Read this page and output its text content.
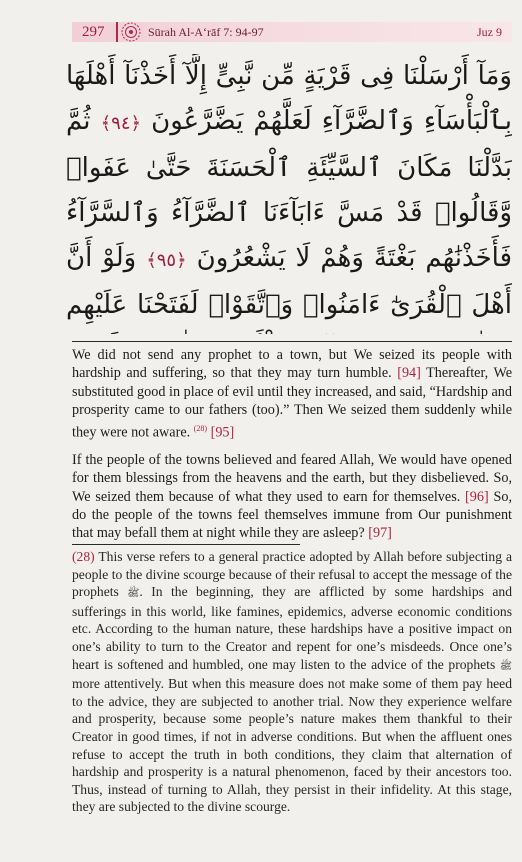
297	Sūrah Al-A‘rāf 7: 94-97	Juz 9
وَمَآ أَرْسَلْنَا فِى قَرْيَةٍ مِّن نَّبِىٍّ إِلَّآ أَخَذْنَآ أَهْلَهَا بِٱلْبَأْسَآءِ وَٱلضَّرَّآءِ لَعَلَّهُمْ يَضَّرَّعُونَ ﴿٩٤﴾ ثُمَّ بَدَّلْنَا مَكَانَ ٱلسَّيِّئَةِ ٱلْحَسَنَةَ حَتَّىٰ عَفَوا۟ وَّقَالُوا۟ قَدْ مَسَّ ءَابَآءَنَا ٱلضَّرَّآءُ وَٱلسَّرَّآءُ فَأَخَذْنَٰهُم بَغْتَةً وَهُمْ لَا يَشْعُرُونَ ﴿٩٥﴾ وَلَوْ أَنَّ أَهْلَ ٱلْقُرَىٰٓ ءَامَنُوا۟ وَٱتَّقَوْا۟ لَفَتَحْنَا عَلَيْهِم

We did not send any prophet to a town, but We seized its people with hardship and suffering, so that they may turn humble. [94] Thereafter, We substituted good in place of evil until they increased, and said, “Hardship and prosperity came to our fathers (too).” Then We seized them suddenly while they were not aware. $^{(28)}$ [95]

If the people of the towns believed and feared Allah, We would have opened for them blessings from the heavens and the earth, but they disbelieved. So, We seized them because of what they used to earn for themselves. [96] So, do the people of the towns feel themselves immune from Our punishment that may befall them at night while they are asleep? [97]

(28) This verse refers to a general practice adopted by Allah before subjecting a people to the divine scourge because of their refusal to accept the message of the prophets ﷺ. In the beginning, they are afflicted by some hardships and sufferings in this world, like famines, epidemics, adverse economic conditions etc. According to the human nature, these hardships have a positive impact on one’s ability to turn to the Creator and repent for one’s misdeeds. Once one’s heart is softened and humbled, one may listen to the advice of the prophets ﷺ more attentively. But when this measure does not make some of them pay heed to the advice, they are subjected to another trial. Now they experience welfare and prosperity, because some people’s nature makes them thankful to their Creator in good times, if not in adverse conditions. But when the affluent ones refuse to accept the truth in both conditions, they claim that alternation of hardship and prosperity is a natural phenomenon, faced by their ancestors too. Thus, instead of turning to Allah, they persist in their infidelity. At this stage, they are subjected to the divine scourge.
